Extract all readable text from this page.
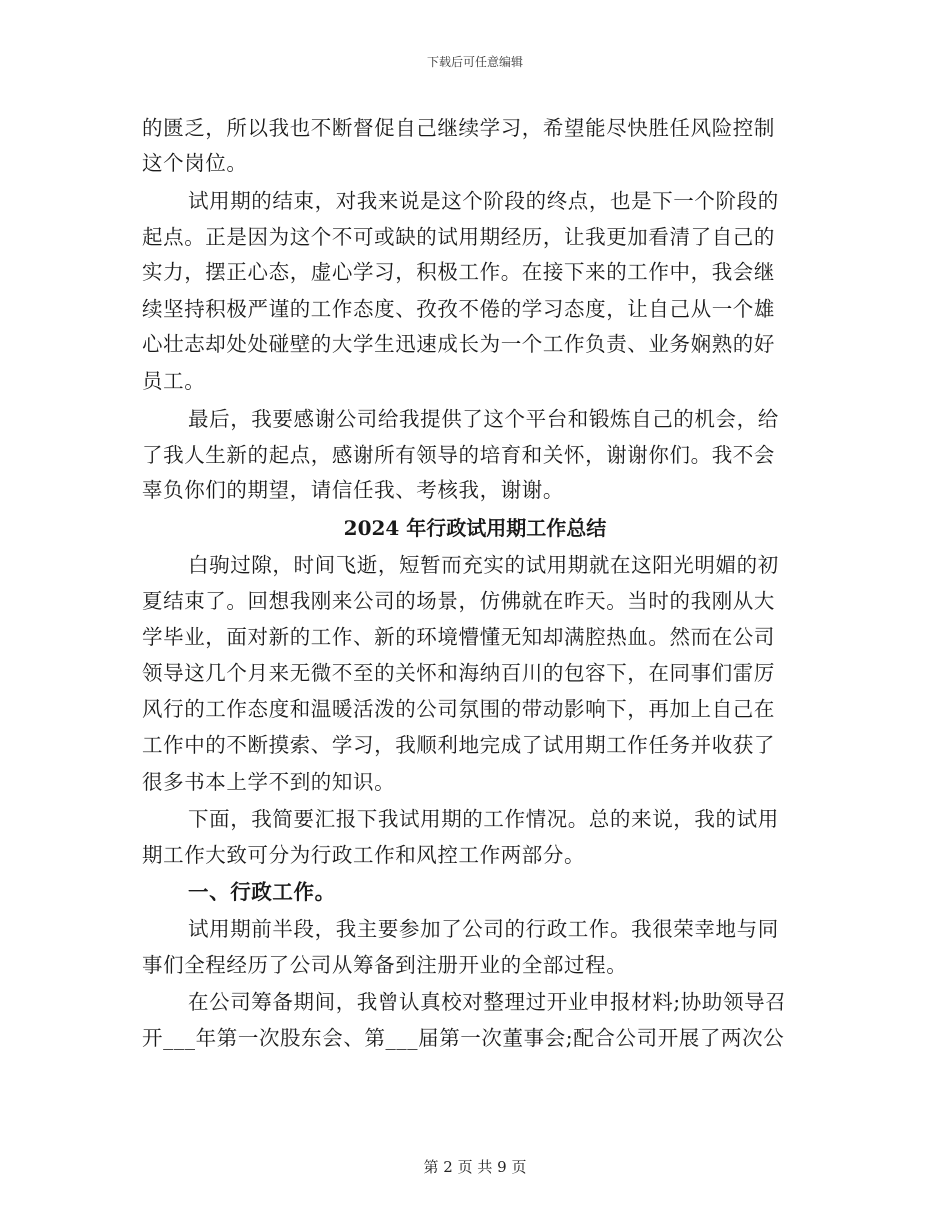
下载后可任意编辑
的匮乏，所以我也不断督促自己继续学习，希望能尽快胜任风险控制
这个岗位。
试用期的结束，对我来说是这个阶段的终点，也是下一个阶段的
起点。正是因为这个不可或缺的试用期经历，让我更加看清了自己的
实力，摆正心态，虚心学习，积极工作。在接下来的工作中，我会继
续坚持积极严谨的工作态度、孜孜不倦的学习态度，让自己从一个雄
心壮志却处处碰壁的大学生迅速成长为一个工作负责、业务娴熟的好
员工。
最后，我要感谢公司给我提供了这个平台和锻炼自己的机会，给
了我人生新的起点，感谢所有领导的培育和关怀，谢谢你们。我不会
辜负你们的期望，请信任我、考核我，谢谢。
2024 年行政试用期工作总结
白驹过隙，时间飞逝，短暂而充实的试用期就在这阳光明媚的初
夏结束了。回想我刚来公司的场景，仿佛就在昨天。当时的我刚从大
学毕业，面对新的工作、新的环境懵懂无知却满腔热血。然而在公司
领导这几个月来无微不至的关怀和海纳百川的包容下，在同事们雷厉
风行的工作态度和温暖活泼的公司氛围的带动影响下，再加上自己在
工作中的不断摸索、学习，我顺利地完成了试用期工作任务并收获了
很多书本上学不到的知识。
下面，我简要汇报下我试用期的工作情况。总的来说，我的试用
期工作大致可分为行政工作和风控工作两部分。
一、行政工作。
试用期前半段，我主要参加了公司的行政工作。我很荣幸地与同
事们全程经历了公司从筹备到注册开业的全部过程。
在公司筹备期间，我曾认真校对整理过开业申报材料;协助领导召
开___年第一次股东会、第___届第一次董事会;配合公司开展了两次公
第 2 页 共 9 页
